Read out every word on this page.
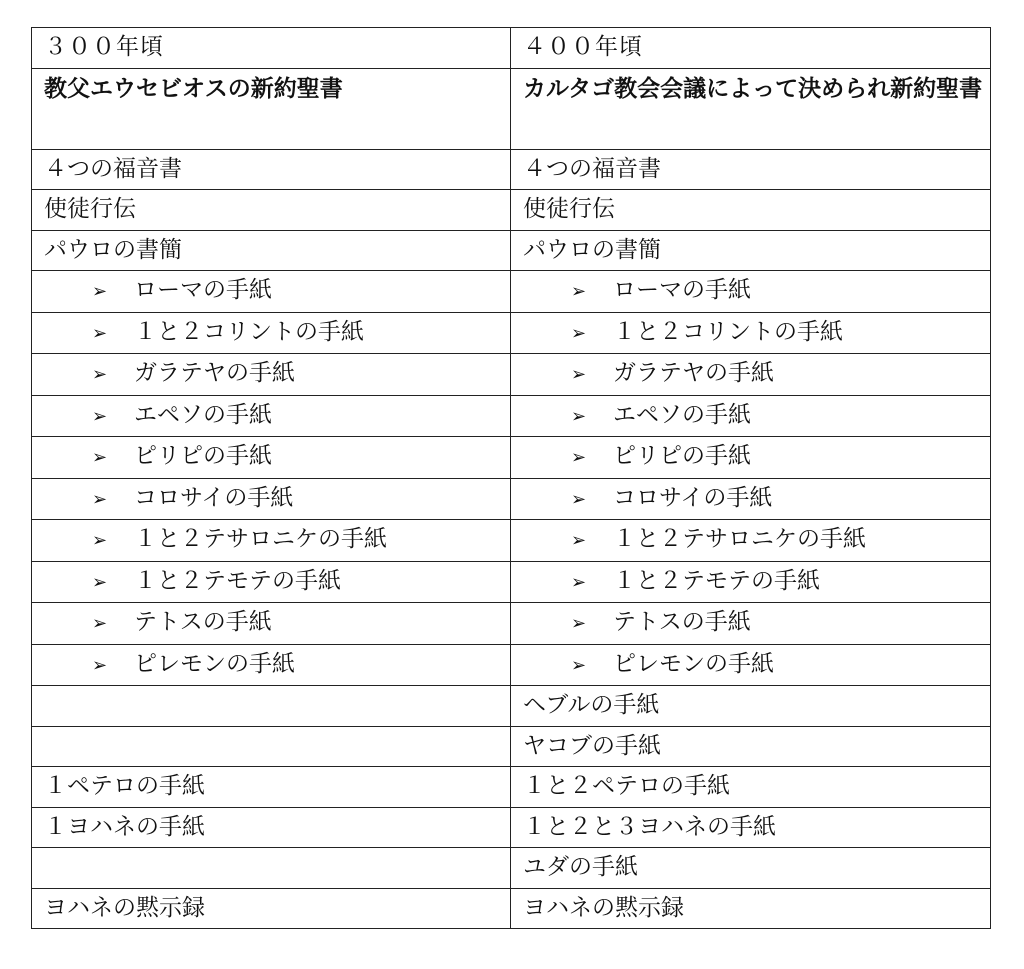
３００年頃	４００年頃
教父エウセビオスの新約聖書	カルタゴ教会会議によって決められ新約聖書
４つの福音書	４つの福音書
使徒行伝	使徒行伝
パウロの書簡	パウロの書簡
➢ ローマの手紙	➢ ローマの手紙
➢ １と２コリントの手紙	➢ １と２コリントの手紙
➢ ガラテヤの手紙	➢ ガラテヤの手紙
➢ エペソの手紙	➢ エペソの手紙
➢ ピリピの手紙	➢ ピリピの手紙
➢ コロサイの手紙	➢ コロサイの手紙
➢ １と２テサロニケの手紙	➢ １と２テサロニケの手紙
➢ １と２テモテの手紙	➢ １と２テモテの手紙
➢ テトスの手紙	➢ テトスの手紙
➢ ピレモンの手紙	➢ ピレモンの手紙
	ヘブルの手紙
	ヤコブの手紙
１ペテロの手紙	１と２ペテロの手紙
１ヨハネの手紙	１と２と３ヨハネの手紙
	ユダの手紙
ヨハネの黙示録	ヨハネの黙示録
